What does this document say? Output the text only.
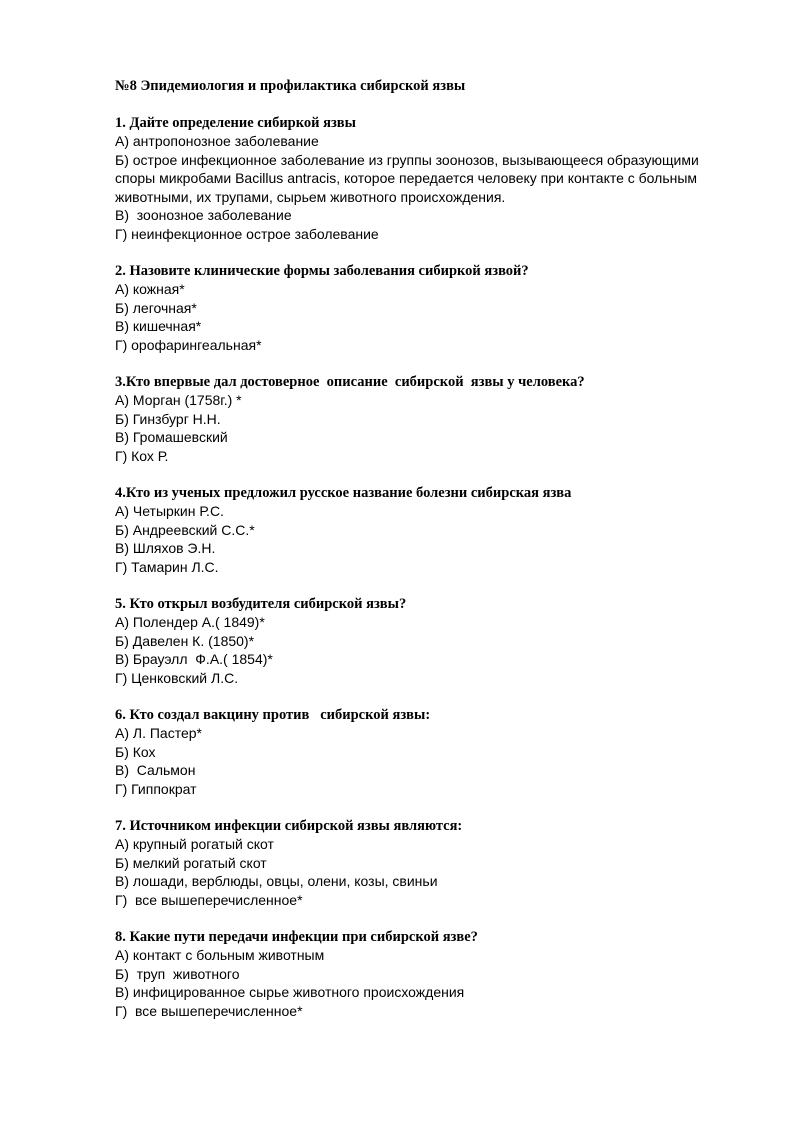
№8 Эпидемиология и профилактика сибирской язвы
1. Дайте определение сибиркой язвы
А) антропонозное заболевание
Б) острое инфекционное заболевание из группы зоонозов, вызывающееся образующими споры микробами Bacillus antracis, которое передается человеку при контакте с больным животными, их трупами, сырьем животного происхождения.
В)  зоонозное заболевание
Г) неинфекционное острое заболевание
2. Назовите клинические формы заболевания сибиркой язвой?
А) кожная*
Б) легочная*
В) кишечная*
Г) орофарингеальная*
3.Кто впервые дал достоверное  описание  сибирской  язвы у человека?
А) Морган (1758г.) *
Б) Гинзбург Н.Н.
В) Громашевский
Г) Кох Р.
4.Кто из ученых предложил русское название болезни сибирская язва
А) Четыркин Р.С.
Б) Андреевский С.С.*
В) Шляхов Э.Н.
Г) Тамарин Л.С.
5. Кто открыл возбудителя сибирской язвы?
А) Полендер А.( 1849)*
Б) Давелен К. (1850)*
В) Брауэлл  Ф.А.( 1854)*
Г) Ценковский Л.С.
6. Кто создал вакцину против   сибирской язвы:
А) Л. Пастер*
Б) Кох
В)  Сальмон
Г) Гиппократ
7. Источником инфекции сибирской язвы являются:
А) крупный рогатый скот
Б) мелкий рогатый скот
В) лошади, верблюды, овцы, олени, козы, свиньи
Г)  все вышеперечисленное*
8. Какие пути передачи инфекции при сибирской язве?
А) контакт с больным животным
Б)  труп  животного
В) инфицированное сырье животного происхождения
Г)  все вышеперечисленное*
